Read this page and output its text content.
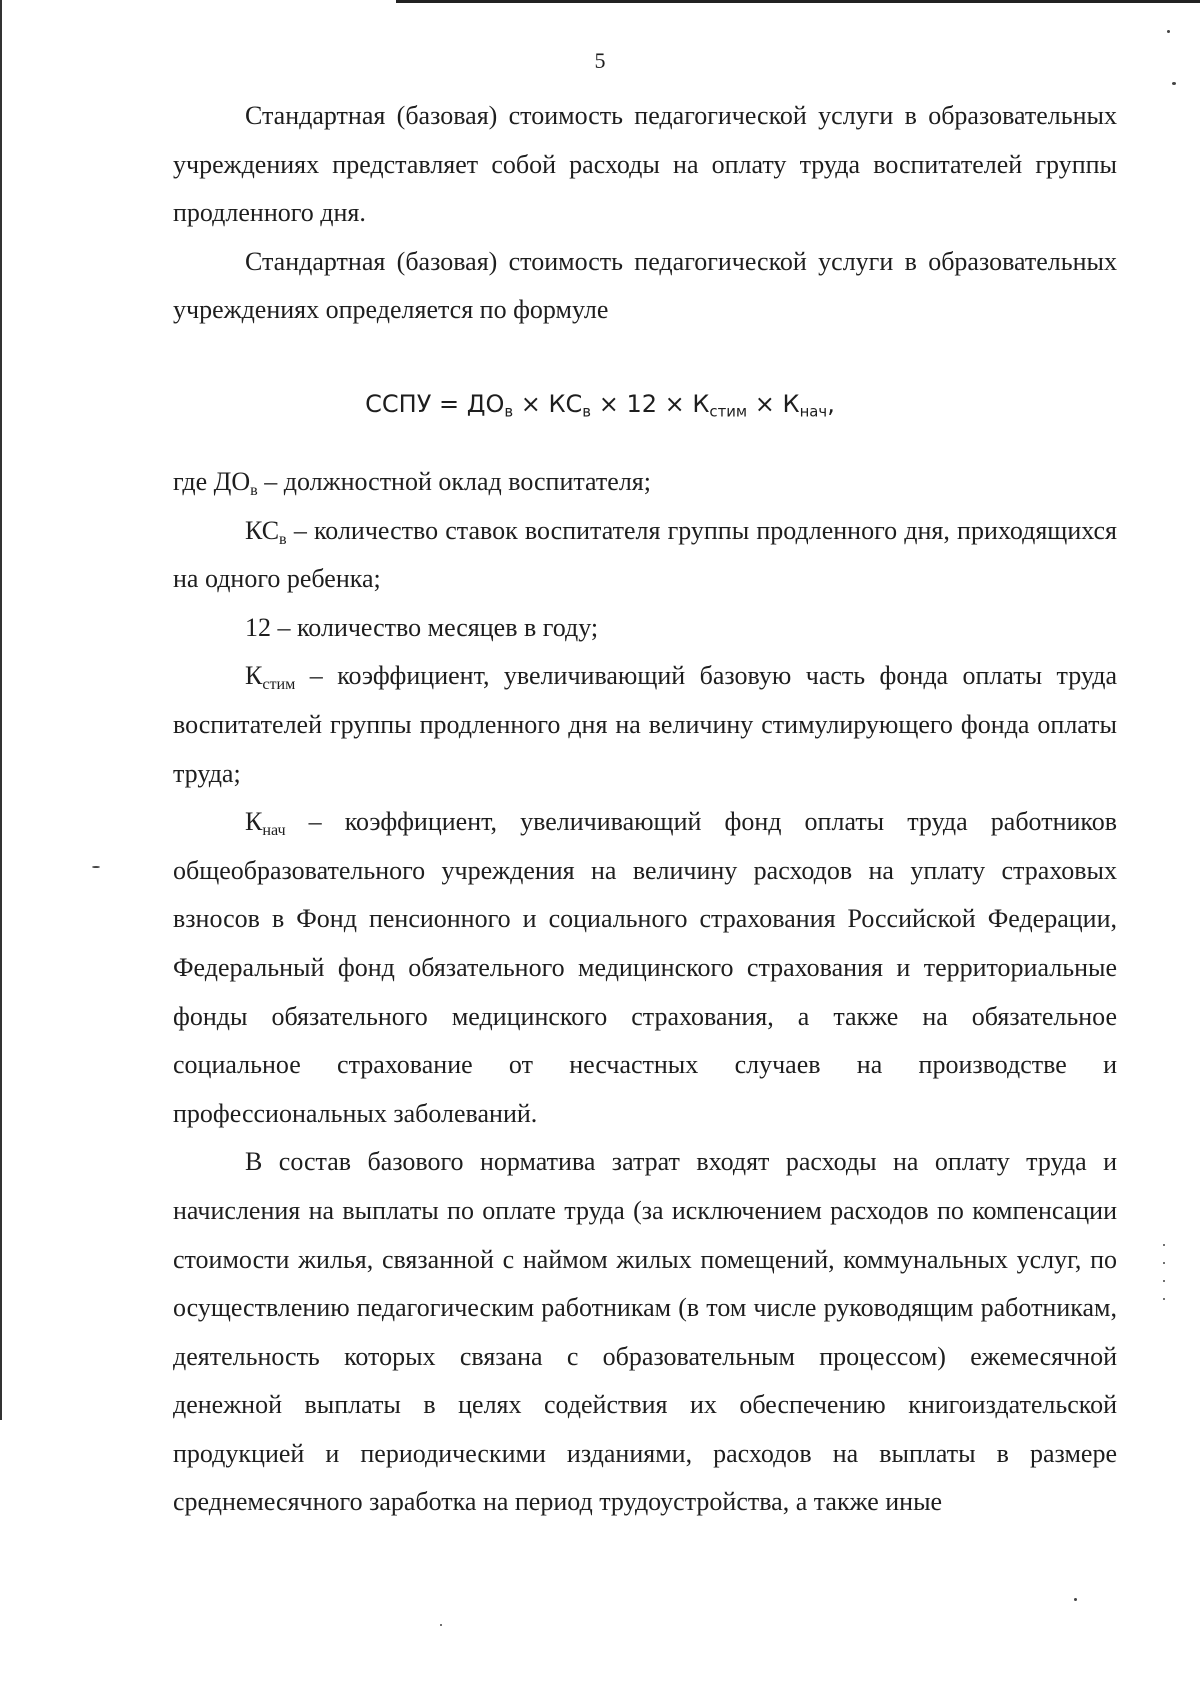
5

Стандартная (базовая) стоимость педагогической услуги в образовательных учреждениях представляет собой расходы на оплату труда воспитателей группы продленного дня.

Стандартная (базовая) стоимость педагогической услуги в образовательных учреждениях определяется по формуле

ССПУ = $ДО_в \times КС_в \times 12 \times К_{стим} \times К_{нач}$,

где $ДО_в$ – должностной оклад воспитателя;

$КС_в$ – количество ставок воспитателя группы продленного дня, приходящихся на одного ребенка;

12 – количество месяцев в году;

$К_{стим}$ – коэффициент, увеличивающий базовую часть фонда оплаты труда воспитателей группы продленного дня на величину стимулирующего фонда оплаты труда;

$К_{нач}$ – коэффициент, увеличивающий фонд оплаты труда работников общеобразовательного учреждения на величину расходов на уплату страховых взносов в Фонд пенсионного и социального страхования Российской Федерации, Федеральный фонд обязательного медицинского страхования и территориальные фонды обязательного медицинского страхования, а также на обязательное социальное страхование от несчастных случаев на производстве и профессиональных заболеваний.

В состав базового норматива затрат входят расходы на оплату труда и начисления на выплаты по оплате труда (за исключением расходов по компенсации стоимости жилья, связанной с наймом жилых помещений, коммунальных услуг, по осуществлению педагогическим работникам (в том числе руководящим работникам, деятельность которых связана с образовательным процессом) ежемесячной денежной выплаты в целях содействия их обеспечению книгоиздательской продукцией и периодическими изданиями, расходов на выплаты в размере среднемесячного заработка на период трудоустройства, а также иные
